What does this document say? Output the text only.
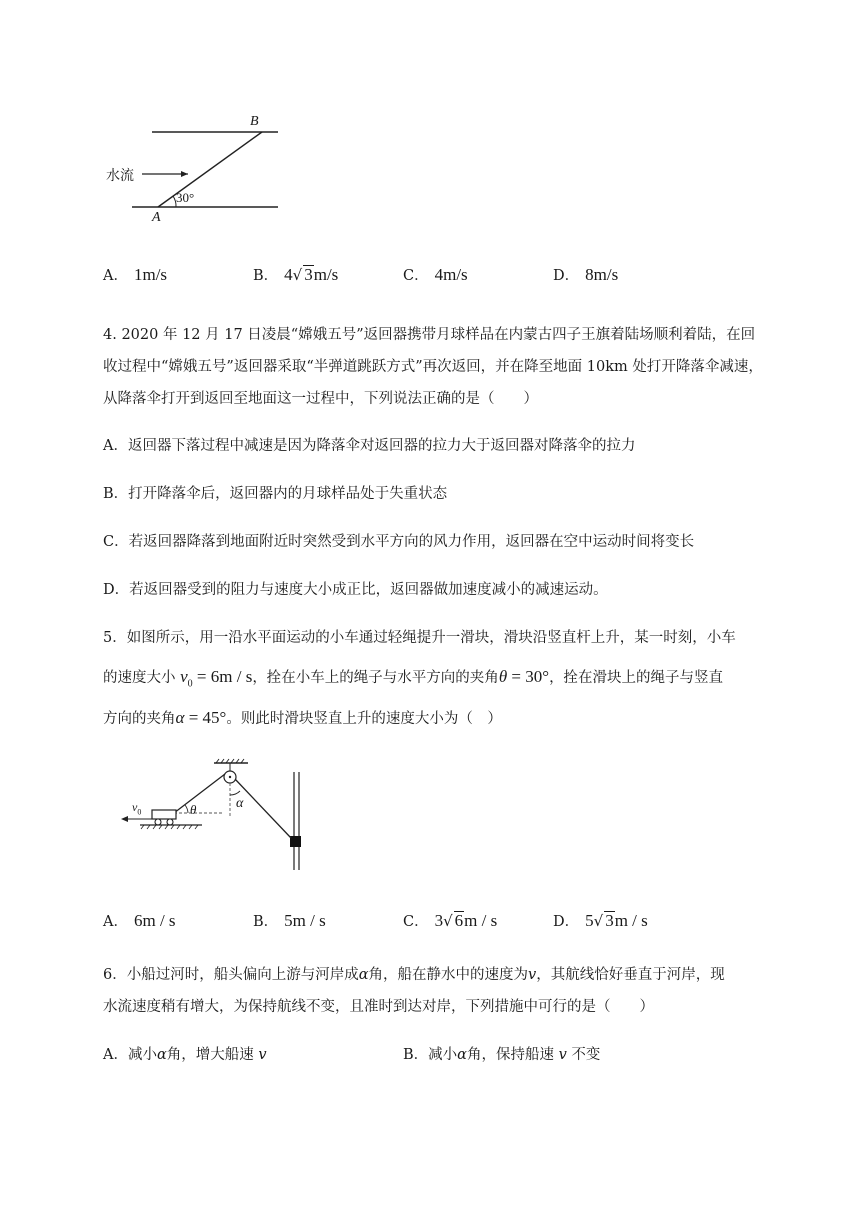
B
A
水流
30°
A． 1m/s	B． 4√ 3m/s	C． 4m/s	D． 8m/s
4. 2020 年 12 月 17 日凌晨“嫦娥五号”返回器携带月球样品在内蒙古四子王旗着陆场顺利着陆，在回
收过程中“嫦娥五号”返回器采取“半弹道跳跃方式”再次返回，并在降至地面 10km 处打开降落伞减速，
从降落伞打开到返回至地面这一过程中，下列说法正确的是（　　）
A．返回器下落过程中减速是因为降落伞对返回器的拉力大于返回器对降落伞的拉力
B．打开降落伞后，返回器内的月球样品处于失重状态
C．若返回器降落到地面附近时突然受到水平方向的风力作用，返回器在空中运动时间将变长
D．若返回器受到的阻力与速度大小成正比，返回器做加速度减小的减速运动。
5．如图所示，用一沿水平面运动的小车通过轻绳提升一滑块，滑块沿竖直杆上升，某一时刻，小车
的速度大小 $v_0 = 6m / s$，拴在小车上的绳子与水平方向的夹角θ = 30°，拴在滑块上的绳子与竖直
方向的夹角α = 45°。则此时滑块竖直上升的速度大小为（　）
$v_0$	θ	α
A． 6m / s	B． 5m / s	C． 3√ 6m / s	D． 5√ 3m / s
6．小船过河时，船头偏向上游与河岸成α角，船在静水中的速度为v，其航线恰好垂直于河岸，现
水流速度稍有增大，为保持航线不变，且准时到达对岸，下列措施中可行的是（　　）
A．减小α角，增大船速 v	B．减小α角，保持船速 v 不变
